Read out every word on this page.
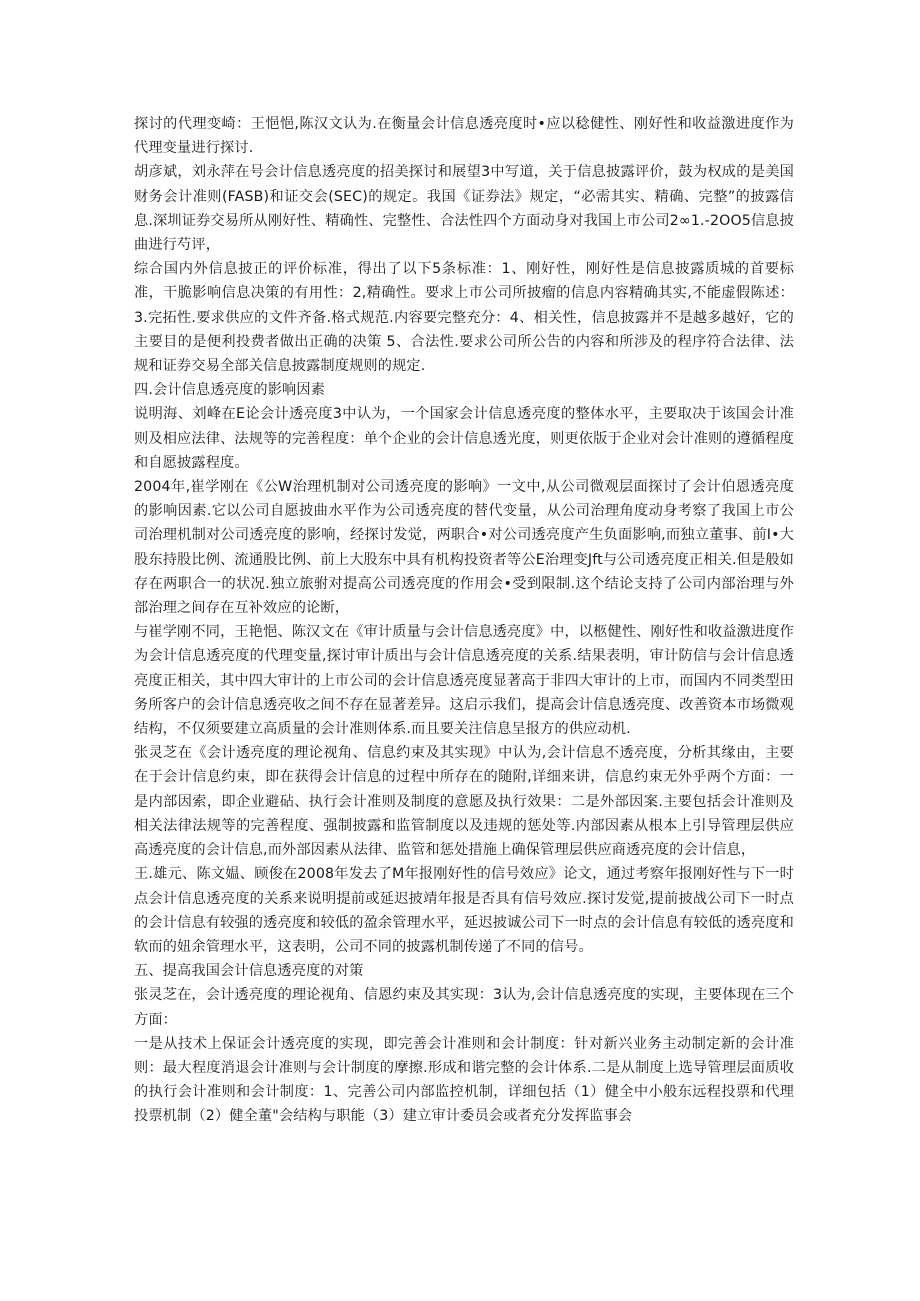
探讨的代理变崎：王悒悒,陈汉文认为.在衡量会计信息透亮度时•应以稔健性、刚好性和收益激进度作为代理变量进行探讨.

胡彦斌，刘永萍在号会计信息透亮度的招美探讨和展望3中写道，关于信息披露评价，鼓为权成的是美国财务会计准则(FASB)和证交会(SEC)的规定。我国《证券法》规定，“必需其实、精确、完整”的披露信息.深圳证券交易所从刚好性、精确性、完整性、合法性四个方面动身对我国上市公司2∞1.-2OO5信息披曲进行芍评，

综合国内外信息披正的评价标准，得出了以下5条标准：1、刚好性，刚好性是信息披露质城的首要标准，干脆影响信息决策的有用性：2,精确性。要求上市公司所披瘤的信息内容精确其实,不能虚假陈述：3.完拓性.要求供应的文件齐备.格式规范.内容要完整充分：4、相关性，信息披露并不是越多越好，它的主要目的是便利投费者做出正确的决策 5、合法性.要求公司所公告的内容和所涉及的程序符合法律、法规和证券交易全部关信息披露制度规则的规定.

四.会计信息透亮度的影响因素

说明海、刘峰在E论会计透亮度3中认为，一个国家会计信息透亮度的整体水平，主要取决于该国会计准则及相应法律、法规等的完善程度：单个企业的会计信息透光度，则更依版于企业对会计准则的遵循程度和自愿披露程度。

2004年,崔学刚在《公W治理机制对公司透亮度的影响》一文中,从公司微观层面探讨了会计伯恩透亮度的影响因素.它以公司自愿披曲水平作为公司透亮度的替代变量，从公司治理角度动身考察了我国上市公司治理机制对公司透亮度的影响，经探讨发觉，两职合•对公司透亮度产生负面影响,而独立董事、前I•大股东持股比例、流通股比例、前上大股东中具有机构投资者等公E治理变Jft与公司透亮度正相关.但是般如存在两职合一的状况.独立旅驸对提高公司透亮度的作用会•受到限制.这个结论支持了公司内部治理与外部治理之间存在互补效应的论断，

与崔学刚不同，王艳悒、陈汉文在《审计质量与会计信息透亮度》中，以柩健性、刚好性和收益激进度作为会计信息透亮度的代理变量,探讨审计质出与会计信息透亮度的关系.结果表明，审计防信与会计信息透亮度正相关，其中四大审计的上市公司的会计信息透亮度显著高于非四大审计的上市，而国内不同类型田务所客户的会计信息透亮收之间不存在显著差异。这启示我们，提高会计信息透亮度、改善资本市场微观结构，不仅须要建立高质量的会计准则体系.而且要关注信息呈报方的供应动机.

张灵芝在《会计透亮度的理论视角、信息约束及其实现》中认为,会计信息不透亮度，分析其缘由，主要在于会计信息约束，即在获得会计信息的过程中所存在的随附,详细来讲，信息约束无外乎两个方面：一是内部因索，即企业避砧、执行会计准则及制度的意愿及执行效果：二是外部因案.主要包括会计准则及相关法律法规等的完善程度、强制披露和监管制度以及违规的惩处等.内部因素从根本上引导管理层供应高透亮度的会计信息,而外部因素从法律、监管和惩处措施上确保管理层供应商透亮度的会计信息，

王.雄元、陈文媪、顾俊在2008年发去了M年报刚好性的信号效应》论文，通过考察年报刚好性与下一时点会计信息透亮度的关系来说明提前或延迟披靖年报是否具有信号效应.探讨发觉,提前披战公司下一时点的会计信息有较强的透亮度和较低的盈余管理水平，延迟披诚公司下一时点的会计信息有较低的透亮度和软而的妞余管理水平，这表明，公司不同的披露机制传递了不同的信号。

五、提高我国会计信息透亮度的对策

张灵芝在，会计透亮度的理论视角、信恩约束及其实现：3认为,会计信息透亮度的实现，主要体现在三个方面：

一是从技术上保证会计透亮度的实现，即完善会计准则和会计制度：针对新兴业务主动制定新的会计准则：最大程度消退会计准则与会计制度的摩擦.形成和谐完整的会计体系.二是从制度上选导管理层面质收的执行会计准则和会计制度：1、完善公司内部监控机制，详细包括（1）健全中小般东远程投票和代理投票机制（2）健全董"会结构与职能（3）建立审计委员会或者充分发挥监事会
